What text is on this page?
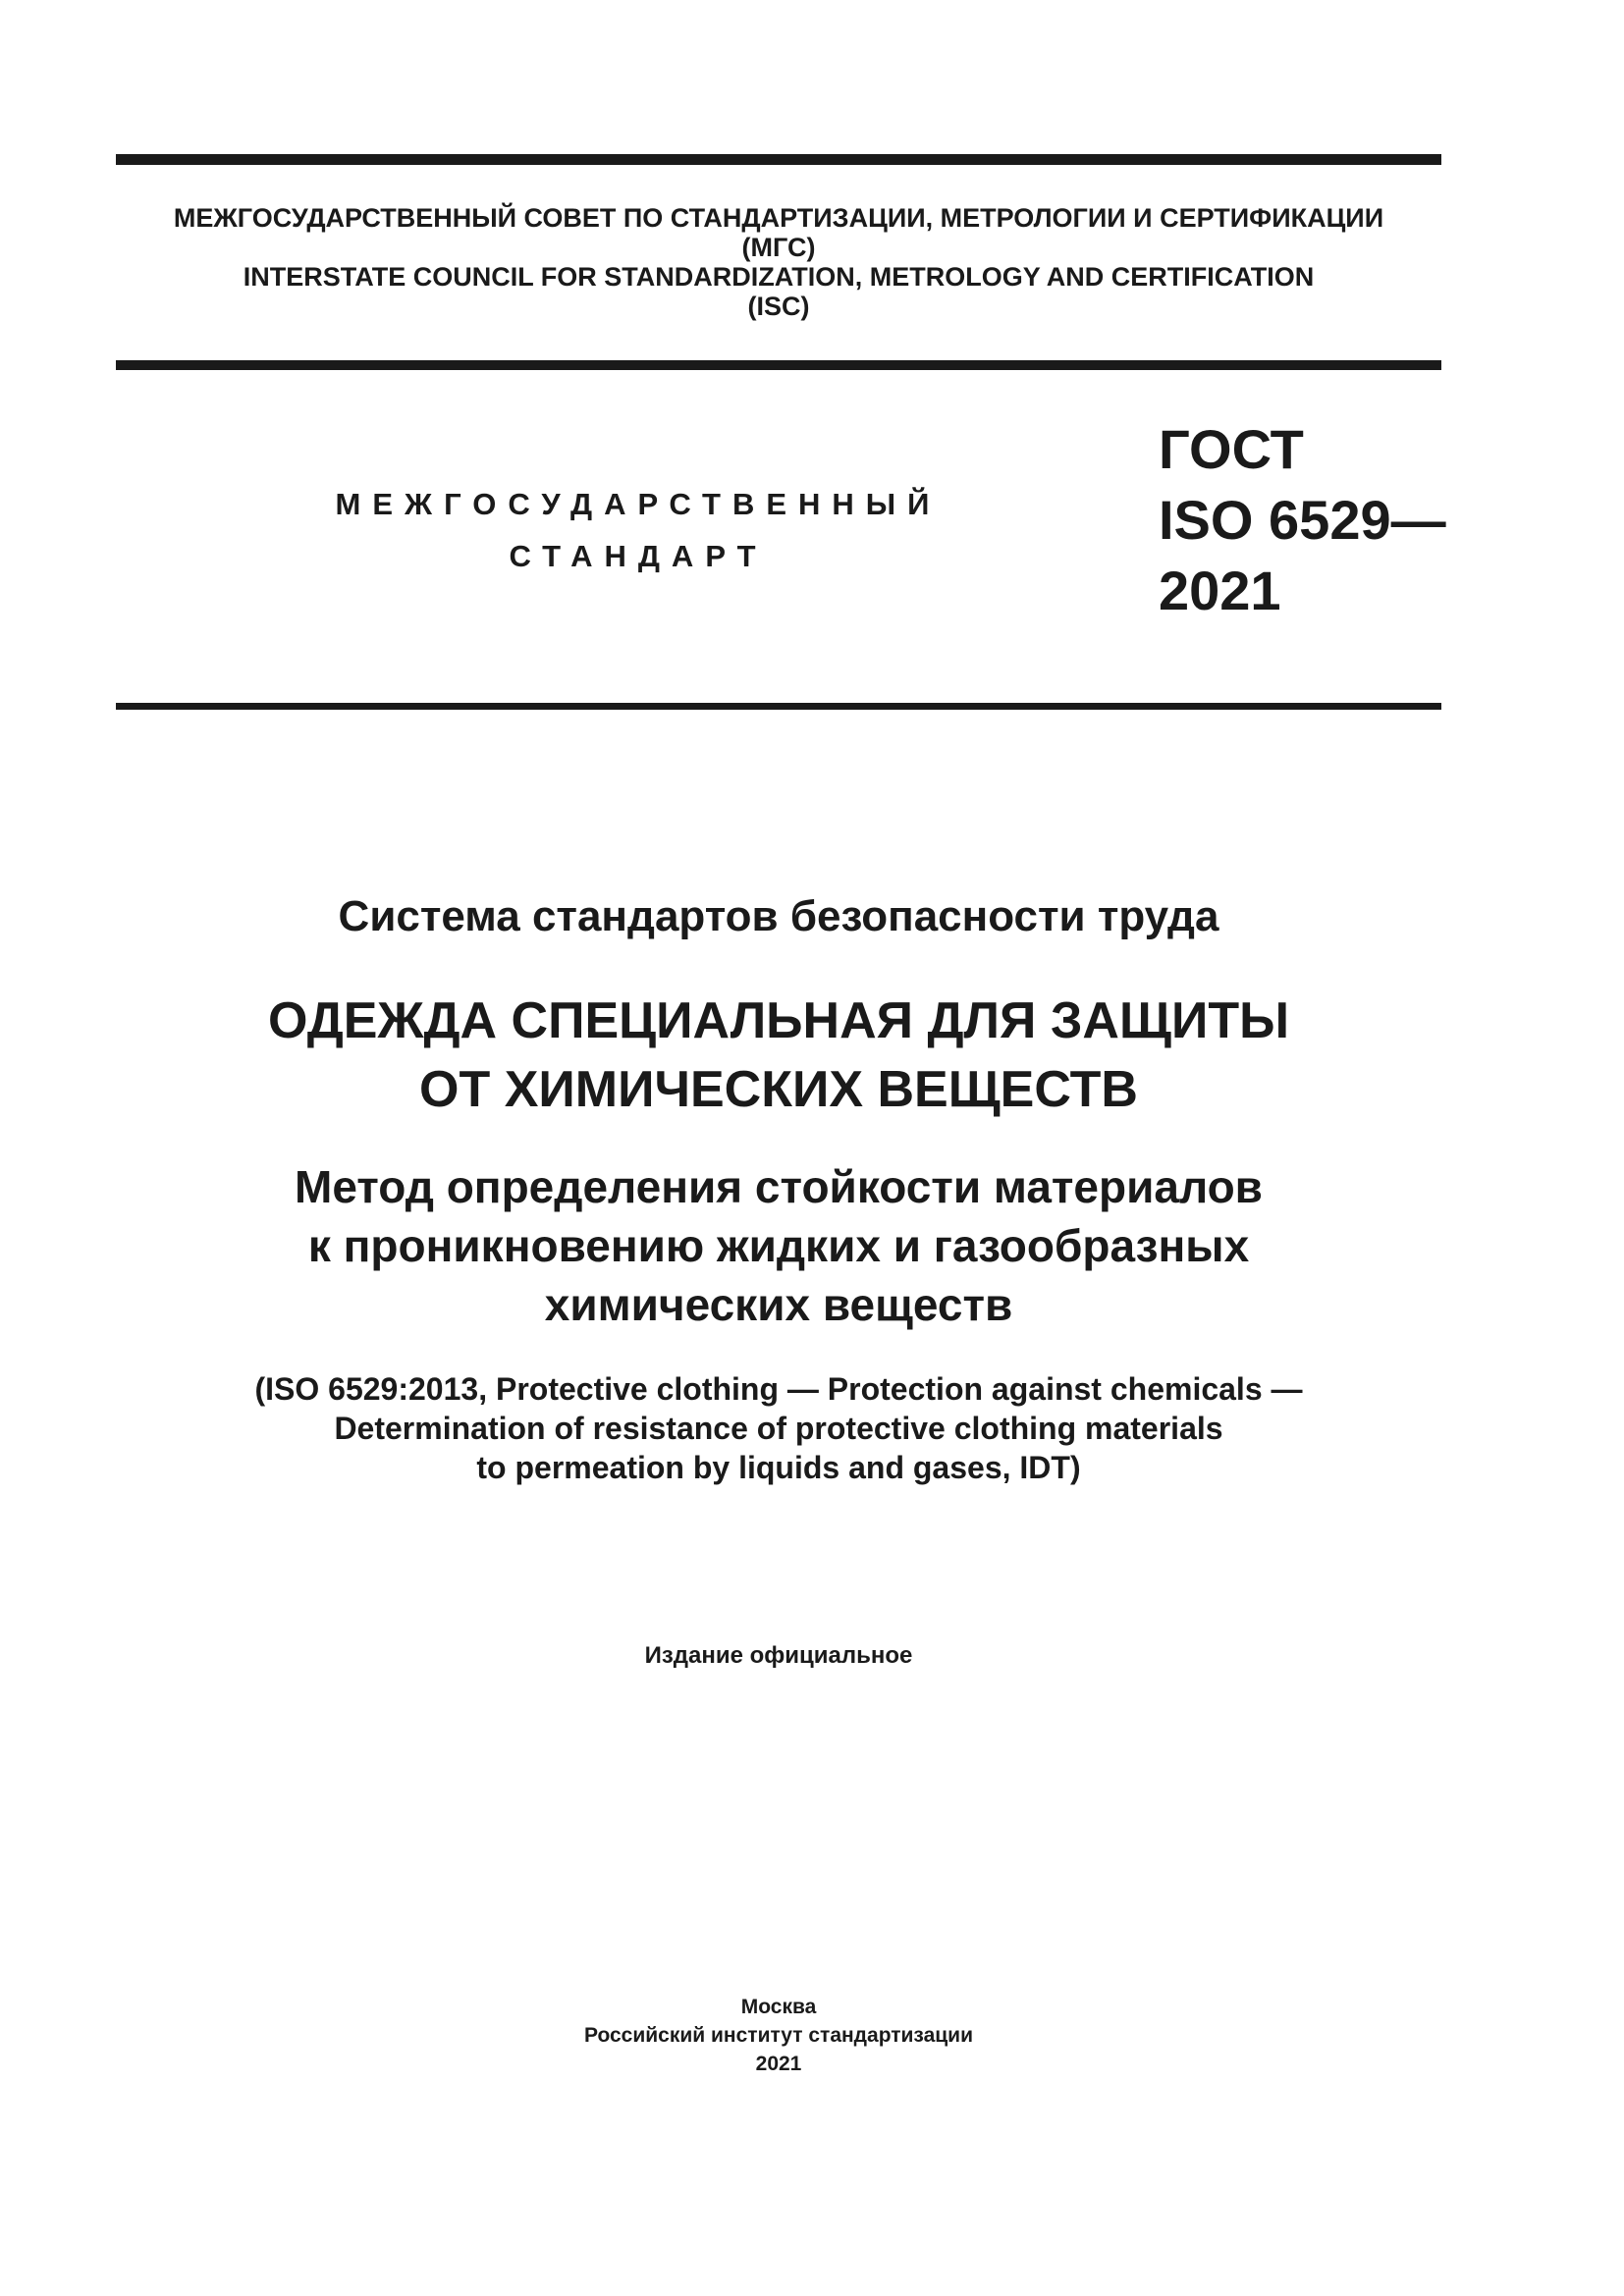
МЕЖГОСУДАРСТВЕННЫЙ СОВЕТ ПО СТАНДАРТИЗАЦИИ, МЕТРОЛОГИИ И СЕРТИФИКАЦИИ
(МГС)
INTERSTATE COUNCIL FOR STANDARDIZATION, METROLOGY AND CERTIFICATION
(ISC)
МЕЖГОСУДАРСТВЕННЫЙ
СТАНДАРТ
ГОСТ
ISO 6529—
2021
Система стандартов безопасности труда
ОДЕЖДА СПЕЦИАЛЬНАЯ ДЛЯ ЗАЩИТЫ
ОТ ХИМИЧЕСКИХ ВЕЩЕСТВ
Метод определения стойкости материалов
к проникновению жидких и газообразных
химических веществ
(ISO 6529:2013, Protective clothing — Protection against chemicals —
Determination of resistance of protective clothing materials
to permeation by liquids and gases, IDT)
Издание официальное
Москва
Российский институт стандартизации
2021
